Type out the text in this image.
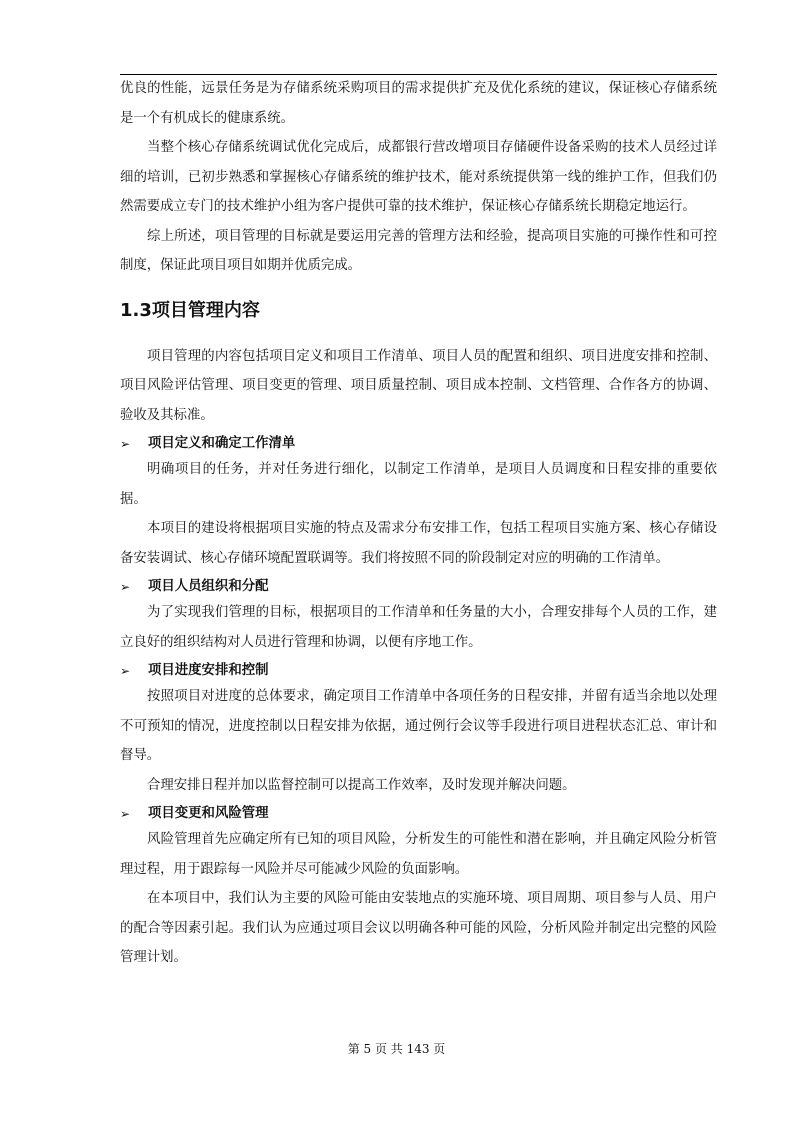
优良的性能，远景任务是为存储系统采购项目的需求提供扩充及优化系统的建议，保证核心存储系统是一个有机成长的健康系统。

当整个核心存储系统调试优化完成后，成都银行营改增项目存储硬件设备采购的技术人员经过详细的培训，已初步熟悉和掌握核心存储系统的维护技术，能对系统提供第一线的维护工作，但我们仍然需要成立专门的技术维护小组为客户提供可靠的技术维护，保证核心存储系统长期稳定地运行。

综上所述，项目管理的目标就是要运用完善的管理方法和经验，提高项目实施的可操作性和可控制度，保证此项目项目如期并优质完成。

1.3项目管理内容

项目管理的内容包括项目定义和项目工作清单、项目人员的配置和组织、项目进度安排和控制、项目风险评估管理、项目变更的管理、项目质量控制、项目成本控制、文档管理、合作各方的协调、验收及其标准。

➢	项目定义和确定工作清单

明确项目的任务，并对任务进行细化，以制定工作清单，是项目人员调度和日程安排的重要依据。

本项目的建设将根据项目实施的特点及需求分布安排工作，包括工程项目实施方案、核心存储设备安装调试、核心存储环境配置联调等。我们将按照不同的阶段制定对应的明确的工作清单。

➢	项目人员组织和分配

为了实现我们管理的目标，根据项目的工作清单和任务量的大小，合理安排每个人员的工作，建立良好的组织结构对人员进行管理和协调，以便有序地工作。

➢	项目进度安排和控制

按照项目对进度的总体要求，确定项目工作清单中各项任务的日程安排，并留有适当余地以处理不可预知的情况，进度控制以日程安排为依据，通过例行会议等手段进行项目进程状态汇总、审计和督导。

合理安排日程并加以监督控制可以提高工作效率，及时发现并解决问题。

➢	项目变更和风险管理

风险管理首先应确定所有已知的项目风险，分析发生的可能性和潜在影响，并且确定风险分析管理过程，用于跟踪每一风险并尽可能减少风险的负面影响。

在本项目中，我们认为主要的风险可能由安装地点的实施环境、项目周期、项目参与人员、用户的配合等因素引起。我们认为应通过项目会议以明确各种可能的风险，分析风险并制定出完整的风险管理计划。

第 5 页 共 143 页
